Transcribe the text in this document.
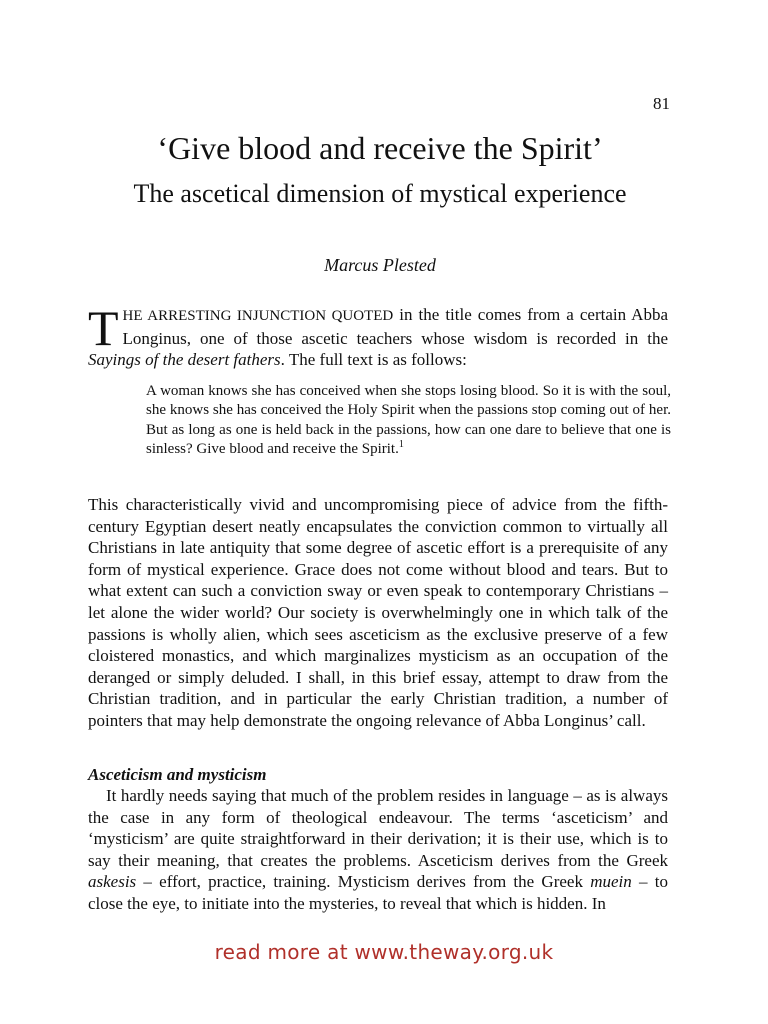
81
‘Give blood and receive the Spirit’
The ascetical dimension of mystical experience
Marcus Plested

THE ARRESTING INJUNCTION QUOTED in the title comes from a certain Abba Longinus, one of those ascetic teachers whose wisdom is recorded in the Sayings of the desert fathers. The full text is as follows:

A woman knows she has conceived when she stops losing blood. So it is with the soul, she knows she has conceived the Holy Spirit when the passions stop coming out of her. But as long as one is held back in the passions, how can one dare to believe that one is sinless? Give blood and receive the Spirit.$^1$

This characteristically vivid and uncompromising piece of advice from the fifth-century Egyptian desert neatly encapsulates the conviction common to virtually all Christians in late antiquity that some degree of ascetic effort is a prerequisite of any form of mystical experience. Grace does not come without blood and tears. But to what extent can such a conviction sway or even speak to contemporary Christians – let alone the wider world? Our society is overwhelmingly one in which talk of the passions is wholly alien, which sees asceticism as the exclusive preserve of a few cloistered monastics, and which marginalizes mysticism as an occupation of the deranged or simply deluded. I shall, in this brief essay, attempt to draw from the Christian tradition, and in particular the early Christian tradition, a number of pointers that may help demonstrate the ongoing relevance of Abba Longinus’ call.

Asceticism and mysticism

It hardly needs saying that much of the problem resides in language – as is always the case in any form of theological endeavour. The terms ‘asceticism’ and ‘mysticism’ are quite straightforward in their derivation; it is their use, which is to say their meaning, that creates the problems. Asceticism derives from the Greek askesis – effort, practice, training. Mysticism derives from the Greek muein – to close the eye, to initiate into the mysteries, to reveal that which is hidden. In

read more at www.theway.org.uk
